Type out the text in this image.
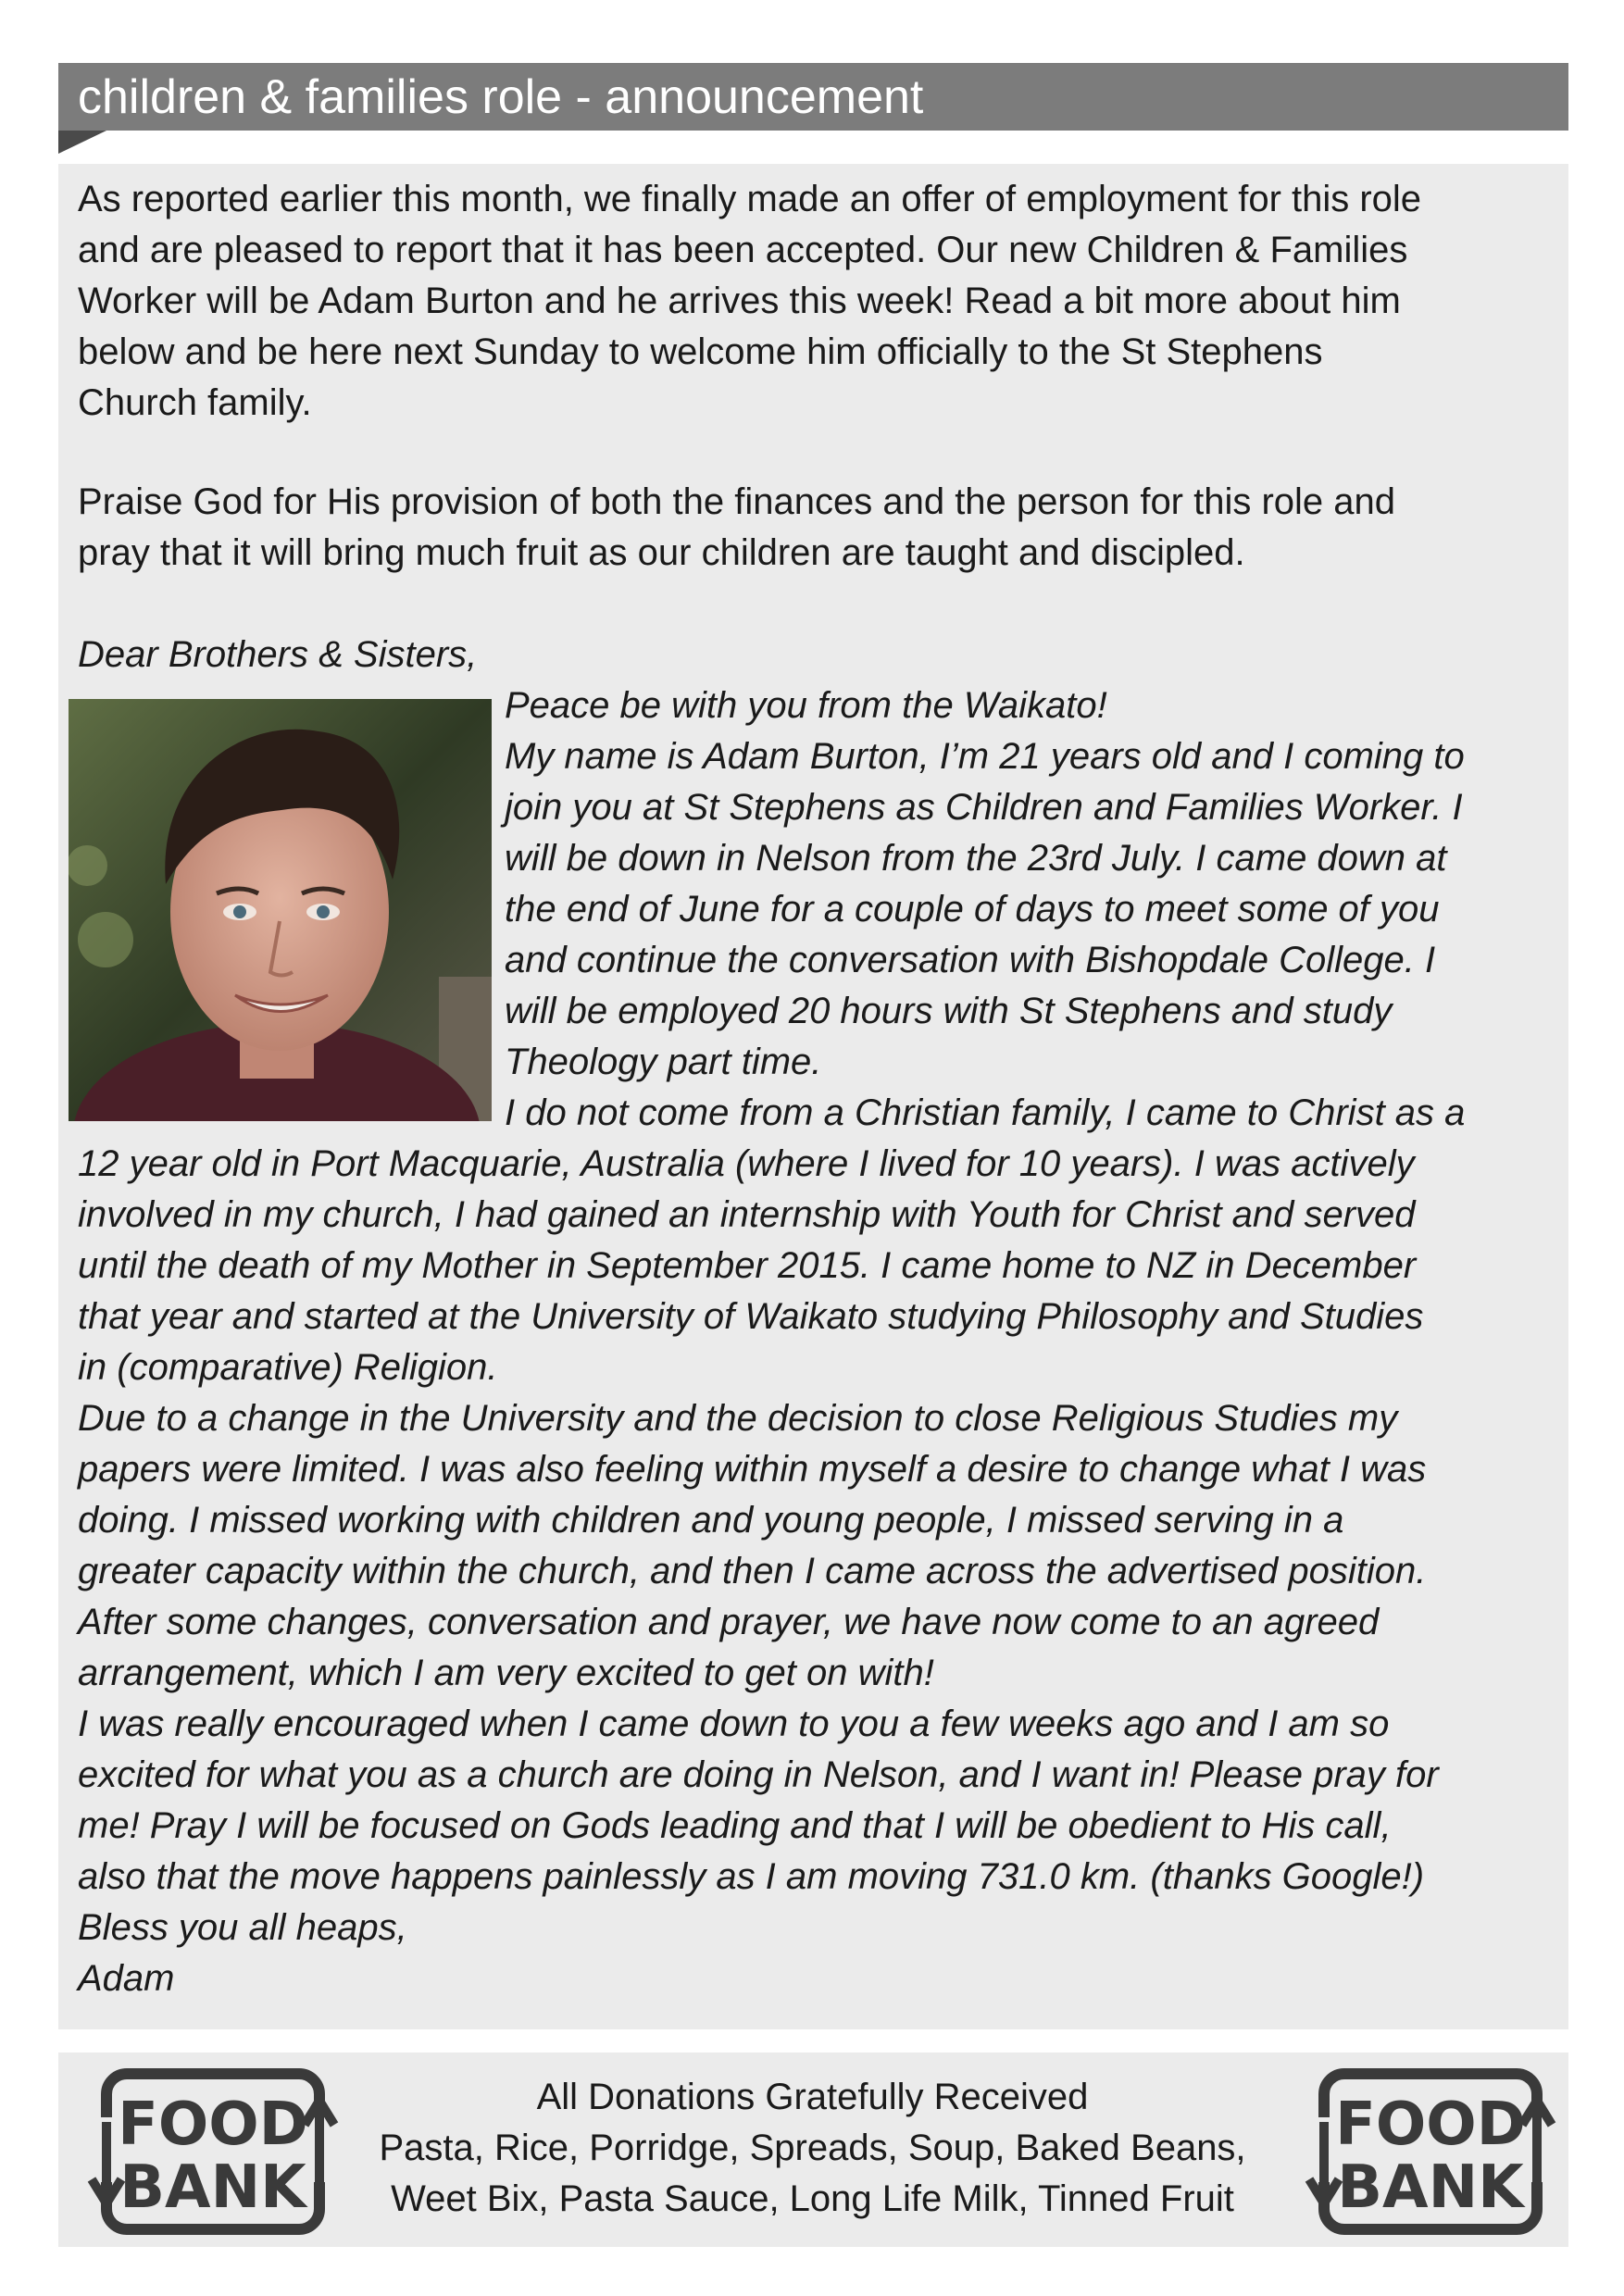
children & families role - announcement
As reported earlier this month, we finally made an offer of employment for this role
and are pleased to report that it has been accepted. Our new Children & Families
Worker will be Adam Burton and he arrives this week! Read a bit more about him
below and be here next Sunday to welcome him officially to the St Stephens
Church family.
Praise God for His provision of both the finances and the person for this role and
pray that it will bring much fruit as our children are taught and discipled.
Dear Brothers & Sisters,
Peace be with you from the Waikato!
My name is Adam Burton, I’m 21 years old and I coming to
join you at St Stephens as Children and Families Worker. I
will be down in Nelson from the 23rd July. I came down at
the end of June for a couple of days to meet some of you
and continue the conversation with Bishopdale College. I
will be employed 20 hours with St Stephens and study
Theology part time.
I do not come from a Christian family, I came to Christ as a
12 year old in Port Macquarie, Australia (where I lived for 10 years). I was actively
involved in my church, I had gained an internship with Youth for Christ and served
until the death of my Mother in September 2015. I came home to NZ in December
that year and started at the University of Waikato studying Philosophy and Studies
in (comparative) Religion.
Due to a change in the University and the decision to close Religious Studies my
papers were limited. I was also feeling within myself a desire to change what I was
doing. I missed working with children and young people, I missed serving in a
greater capacity within the church, and then I came across the advertised position.
After some changes, conversation and prayer, we have now come to an agreed
arrangement, which I am very excited to get on with!
I was really encouraged when I came down to you a few weeks ago and I am so
excited for what you as a church are doing in Nelson, and I want in! Please pray for
me! Pray I will be focused on Gods leading and that I will be obedient to His call,
also that the move happens painlessly as I am moving 731.0 km. (thanks Google!)
Bless you all heaps,
Adam
FOOD
BANK
All Donations Gratefully Received
Pasta, Rice, Porridge, Spreads, Soup, Baked Beans,
Weet Bix, Pasta Sauce, Long Life Milk, Tinned Fruit
FOOD
BANK
